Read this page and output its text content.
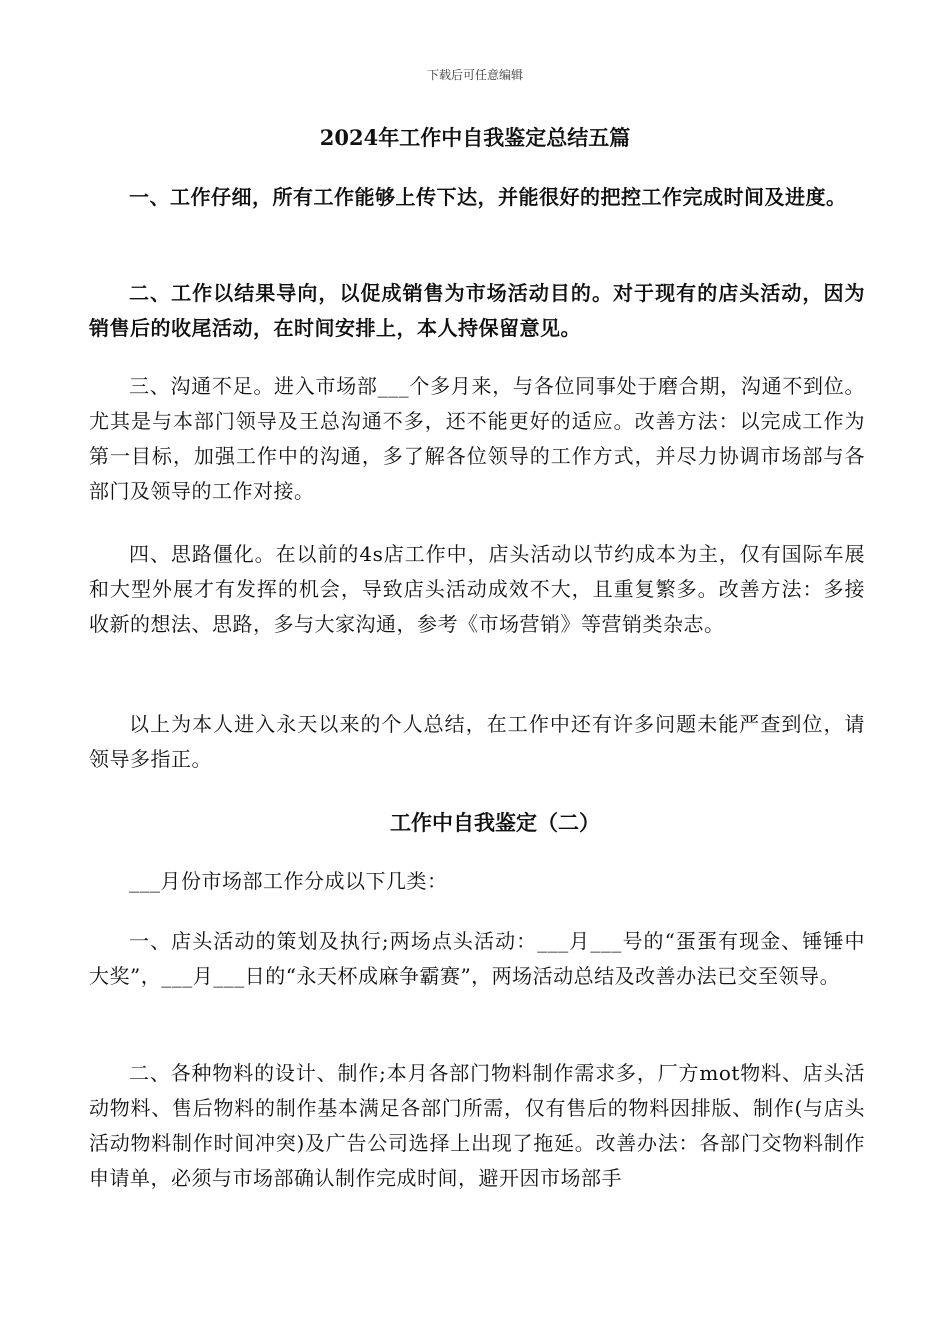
下载后可任意编辑
2024年工作中自我鉴定总结五篇

一、工作仔细，所有工作能够上传下达，并能很好的把控工作完成时间及进度。

二、工作以结果导向，以促成销售为市场活动目的。对于现有的店头活动，因为销售后的收尾活动，在时间安排上，本人持保留意见。

三、沟通不足。进入市场部___个多月来，与各位同事处于磨合期，沟通不到位。尤其是与本部门领导及王总沟通不多，还不能更好的适应。改善方法：以完成工作为第一目标，加强工作中的沟通，多了解各位领导的工作方式，并尽力协调市场部与各部门及领导的工作对接。

四、思路僵化。在以前的4s店工作中，店头活动以节约成本为主，仅有国际车展和大型外展才有发挥的机会，导致店头活动成效不大，且重复繁多。改善方法：多接收新的想法、思路，多与大家沟通，参考《市场营销》等营销类杂志。

以上为本人进入永天以来的个人总结，在工作中还有许多问题未能严查到位，请领导多指正。

工作中自我鉴定（二）

___月份市场部工作分成以下几类：

一、店头活动的策划及执行;两场点头活动：___月___号的“蛋蛋有现金、锤锤中大奖”，___月___日的“永天杯成麻争霸赛”，两场活动总结及改善办法已交至领导。

二、各种物料的设计、制作;本月各部门物料制作需求多，厂方mot物料、店头活动物料、售后物料的制作基本满足各部门所需，仅有售后的物料因排版、制作(与店头活动物料制作时间冲突)及广告公司选择上出现了拖延。改善办法：各部门交物料制作申请单，必须与市场部确认制作完成时间，避开因市场部手
